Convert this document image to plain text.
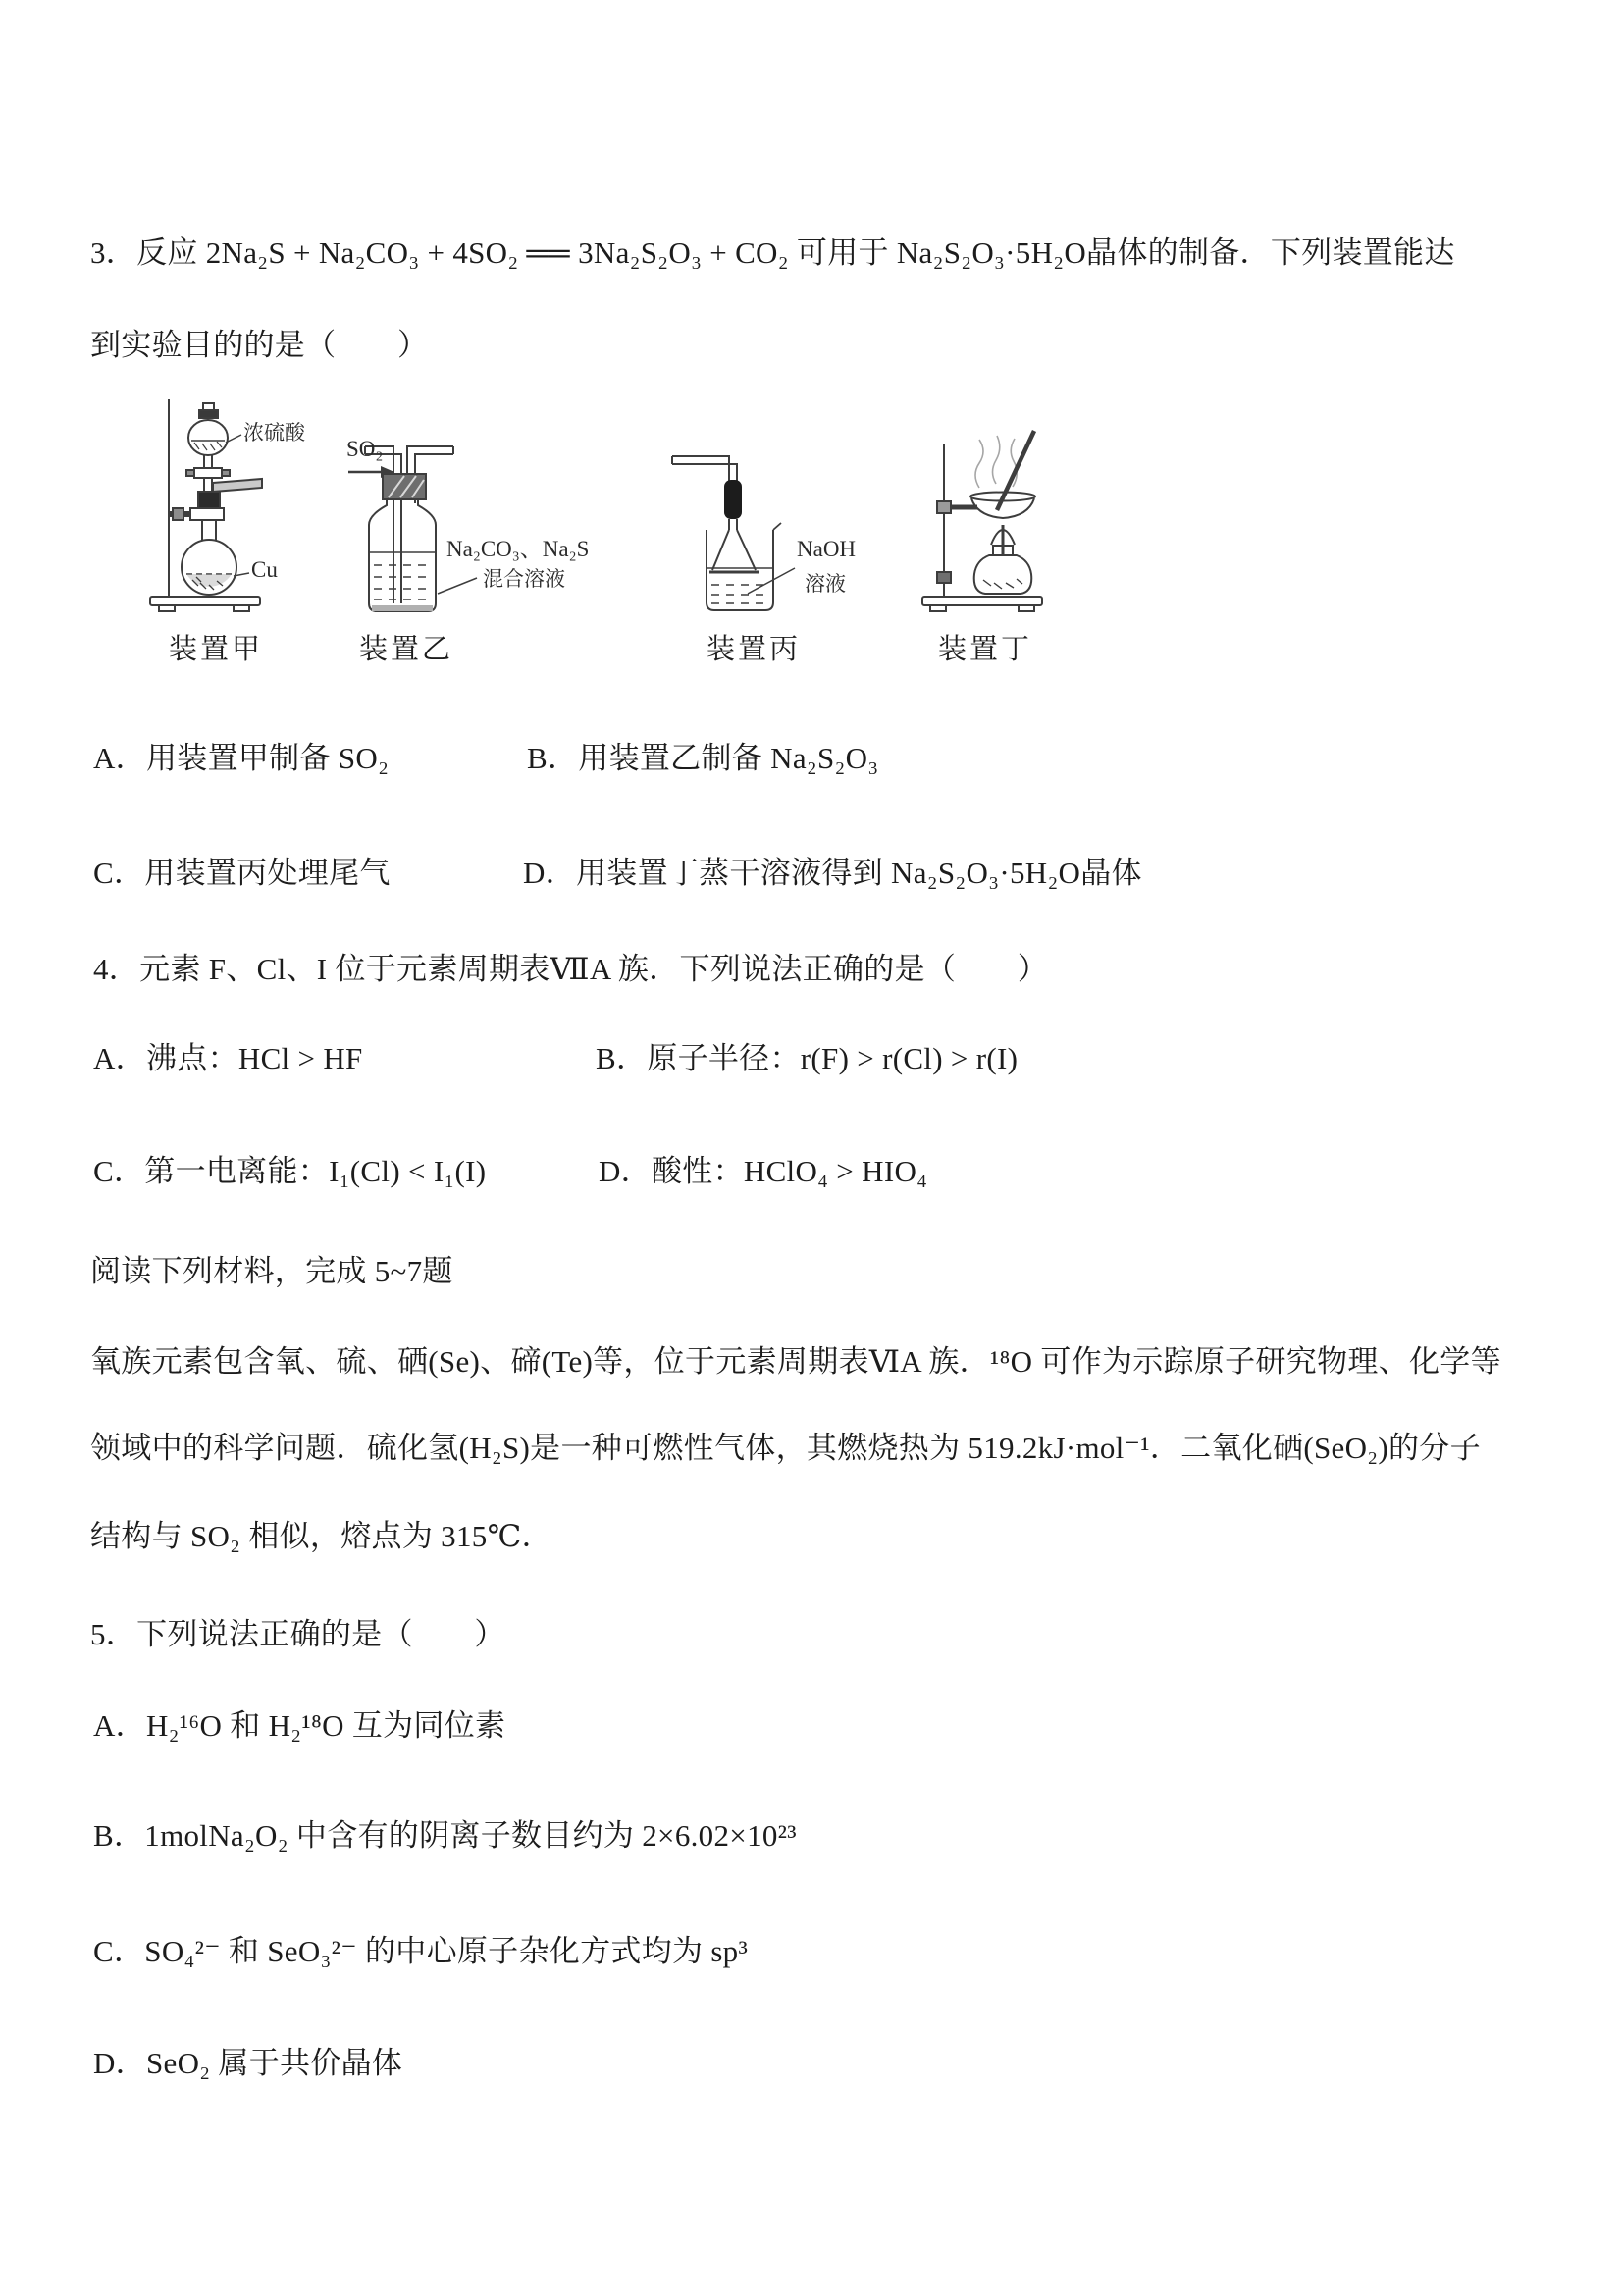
3．反应 2Na₂S + Na₂CO₃ + 4SO₂ ══ 3Na₂S₂O₃ + CO₂ 可用于 Na₂S₂O₃·5H₂O晶体的制备．下列装置能达
到实验目的的是（　　）
浓硫酸
Cu
SO₂
Na₂CO₃、Na₂S
混合溶液
NaOH
溶液
装置甲	装置乙	装置丙	装置丁
A．用装置甲制备 SO₂	B．用装置乙制备 Na₂S₂O₃
C．用装置丙处理尾气	D．用装置丁蒸干溶液得到 Na₂S₂O₃·5H₂O晶体
4．元素 F、Cl、I 位于元素周期表ⅦA 族．下列说法正确的是（　　）
A．沸点：HCl > HF	B．原子半径：r(F) > r(Cl) > r(I)
C．第一电离能：I₁(Cl) < I₁(I)	D．酸性：HClO₄ > HIO₄
阅读下列材料，完成 5~7题
氧族元素包含氧、硫、硒(Se)、碲(Te)等，位于元素周期表ⅥA 族．¹⁸O 可作为示踪原子研究物理、化学等
领域中的科学问题．硫化氢(H₂S)是一种可燃性气体，其燃烧热为 519.2kJ·mol⁻¹．二氧化硒(SeO₂)的分子
结构与 SO₂ 相似，熔点为 315℃．
5．下列说法正确的是（　　）
A．H₂¹⁶O 和 H₂¹⁸O 互为同位素
B．1molNa₂O₂ 中含有的阴离子数目约为 2×6.02×10²³
C．SO₄²⁻ 和 SeO₃²⁻ 的中心原子杂化方式均为 sp³
D．SeO₂ 属于共价晶体
